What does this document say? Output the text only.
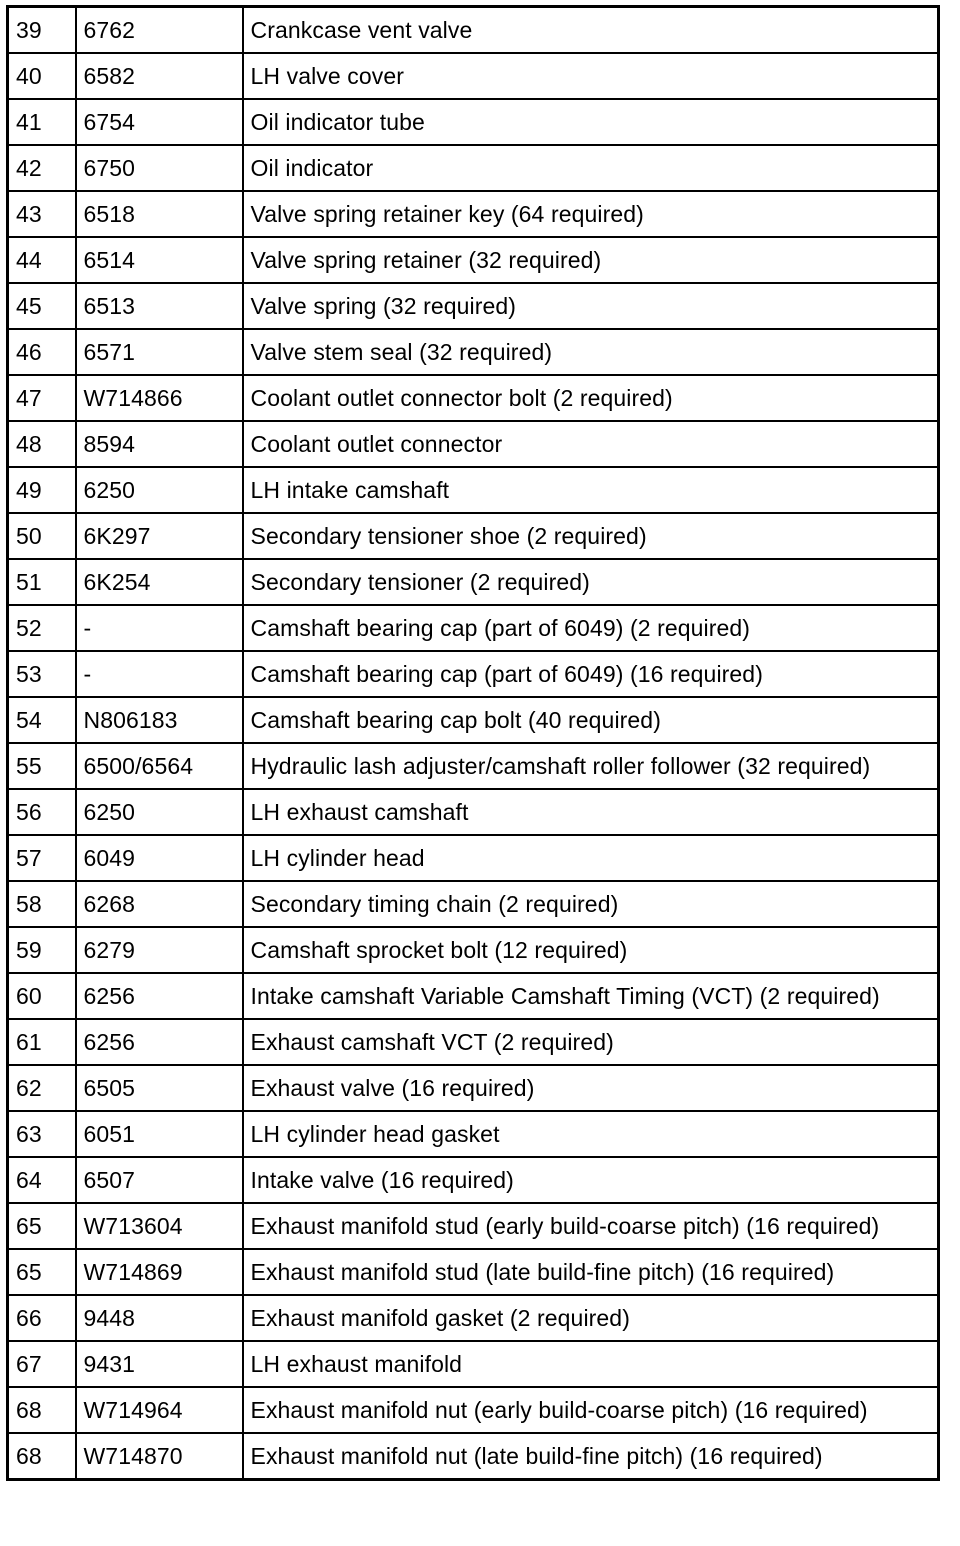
39	6762	Crankcase vent valve
40	6582	LH valve cover
41	6754	Oil indicator tube
42	6750	Oil indicator
43	6518	Valve spring retainer key (64 required)
44	6514	Valve spring retainer (32 required)
45	6513	Valve spring (32 required)
46	6571	Valve stem seal (32 required)
47	W714866	Coolant outlet connector bolt (2 required)
48	8594	Coolant outlet connector
49	6250	LH intake camshaft
50	6K297	Secondary tensioner shoe (2 required)
51	6K254	Secondary tensioner (2 required)
52	-	Camshaft bearing cap (part of 6049) (2 required)
53	-	Camshaft bearing cap (part of 6049) (16 required)
54	N806183	Camshaft bearing cap bolt (40 required)
55	6500/6564	Hydraulic lash adjuster/camshaft roller follower (32 required)
56	6250	LH exhaust camshaft
57	6049	LH cylinder head
58	6268	Secondary timing chain (2 required)
59	6279	Camshaft sprocket bolt (12 required)
60	6256	Intake camshaft Variable Camshaft Timing (VCT) (2 required)
61	6256	Exhaust camshaft VCT (2 required)
62	6505	Exhaust valve (16 required)
63	6051	LH cylinder head gasket
64	6507	Intake valve (16 required)
65	W713604	Exhaust manifold stud (early build-coarse pitch) (16 required)
65	W714869	Exhaust manifold stud (late build-fine pitch) (16 required)
66	9448	Exhaust manifold gasket (2 required)
67	9431	LH exhaust manifold
68	W714964	Exhaust manifold nut (early build-coarse pitch) (16 required)
68	W714870	Exhaust manifold nut (late build-fine pitch) (16 required)
